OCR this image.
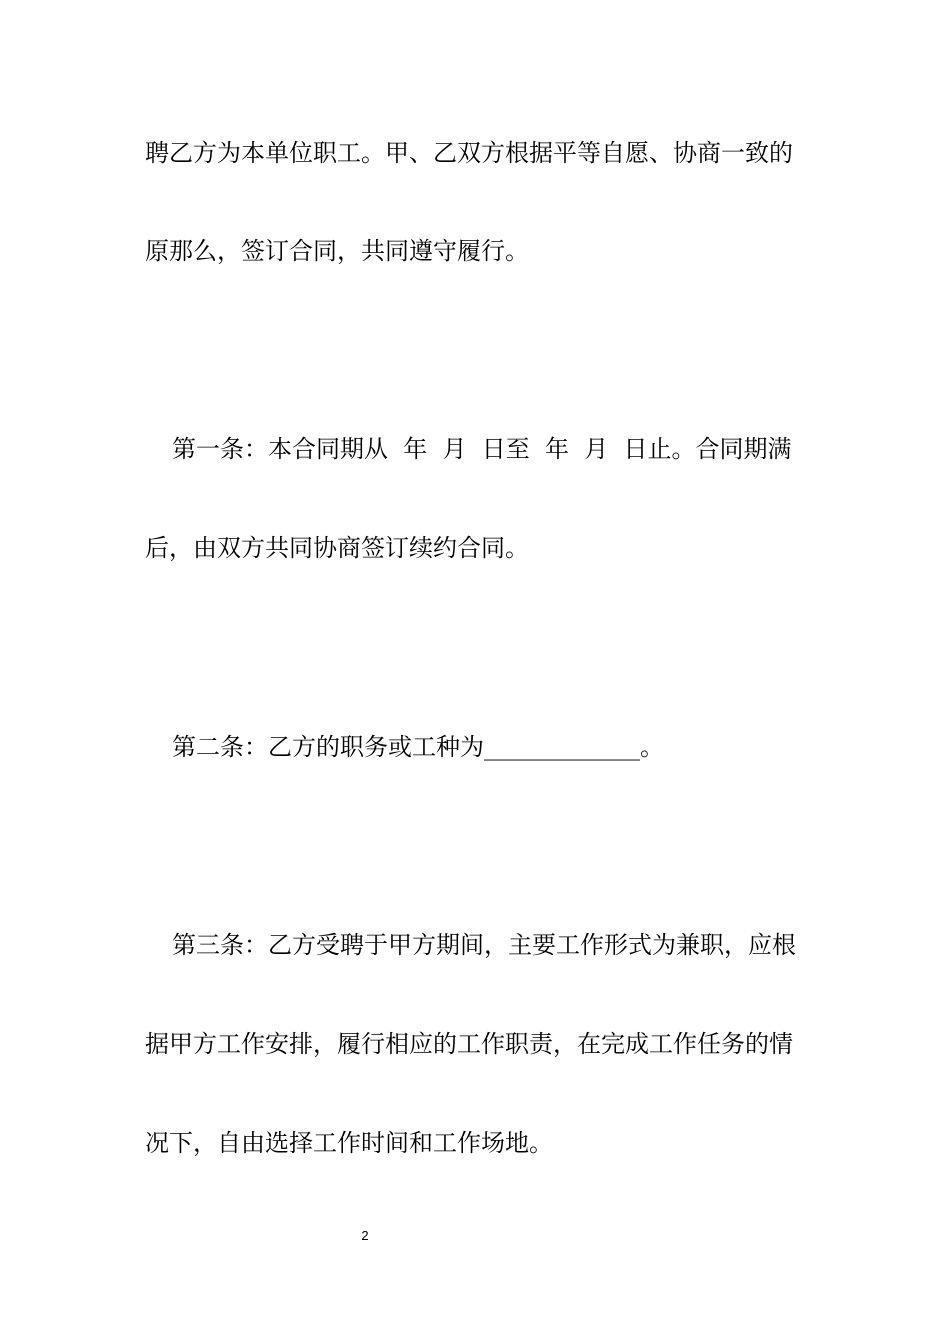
聘乙方为本单位职工。甲、乙双方根据平等自愿、协商一致的
原那么，签订合同，共同遵守履行。
第一条：本合同期从  年  月  日至  年  月  日止。合同期满
后，由双方共同协商签订续约合同。
第二条：乙方的职务或工种为_____________。
第三条：乙方受聘于甲方期间，主要工作形式为兼职，应根
据甲方工作安排，履行相应的工作职责，在完成工作任务的情
况下，自由选择工作时间和工作场地。
2
